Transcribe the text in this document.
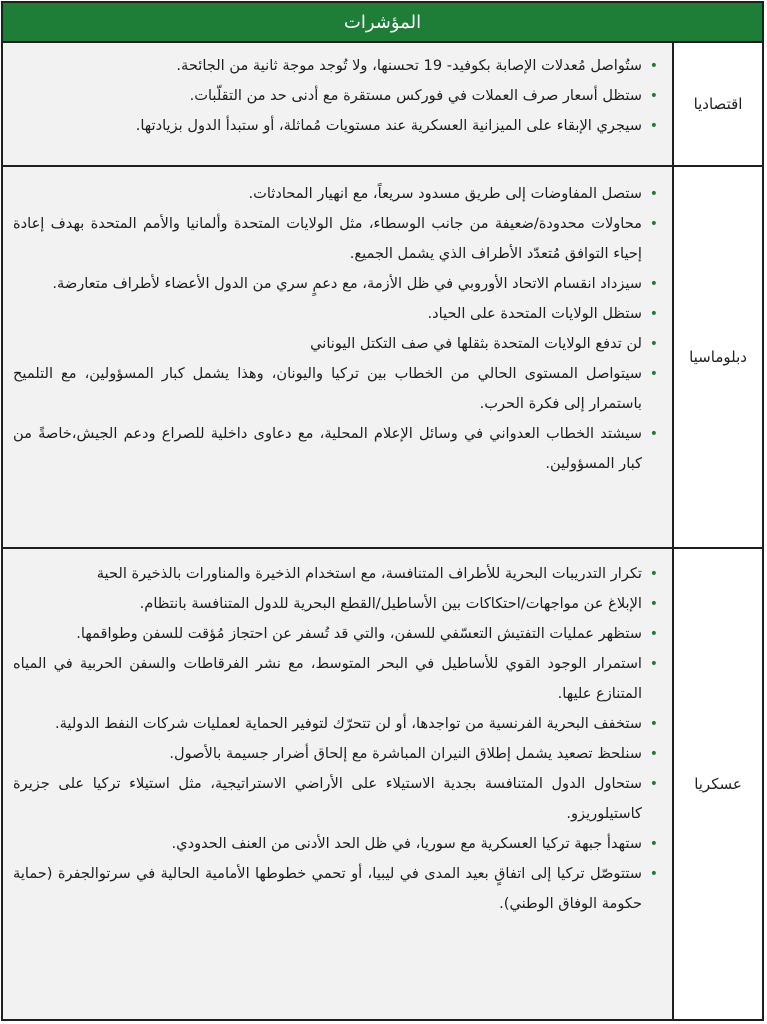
المؤشرات
اقتصاديا
• ستُواصل مُعدلات الإصابة بكوفيد- 19 تحسنها، ولا تُوجد موجة ثانية من الجائحة.
• ستظل أسعار صرف العملات في فوركس مستقرة مع أدنى حد من التقلّبات.
• سيجري الإبقاء على الميزانية العسكرية عند مستويات مُماثلة، أو ستبدأ الدول بزيادتها.
دبلوماسيا
• ستصل المفاوضات إلى طريق مسدود سريعاً، مع انهيار المحادثات.
• محاولات محدودة/ضعيفة من جانب الوسطاء، مثل الولايات المتحدة وألمانيا والأمم المتحدة بهدف إعادة إحياء التوافق مُتعدّد الأطراف الذي يشمل الجميع.
• سيزداد انقسام الاتحاد الأوروبي في ظل الأزمة، مع دعمٍ سري من الدول الأعضاء لأطراف متعارضة.
• ستظل الولايات المتحدة على الحياد.
• لن تدفع الولايات المتحدة بثقلها في صف التكتل اليوناني
• سيتواصل المستوى الحالي من الخطاب بين تركيا واليونان، وهذا يشمل كبار المسؤولين، مع التلميح باستمرار إلى فكرة الحرب.
• سيشتد الخطاب العدواني في وسائل الإعلام المحلية، مع دعاوى داخلية للصراع ودعم الجيش،خاصةً من كبار المسؤولين.
عسكريا
• تكرار التدريبات البحرية للأطراف المتنافسة، مع استخدام الذخيرة والمناورات بالذخيرة الحية
• الإبلاغ عن مواجهات/احتكاكات بين الأساطيل/القطع البحرية للدول المتنافسة بانتظام.
• ستظهر عمليات التفتيش التعسّفي للسفن، والتي قد تُسفر عن احتجاز مُؤقت للسفن وطواقمها.
• استمرار الوجود القوي للأساطيل في البحر المتوسط، مع نشر الفرقاطات والسفن الحربية في المياه المتنازع عليها.
• ستخفف البحرية الفرنسية من تواجدها، أو لن تتحرّك لتوفير الحماية لعمليات شركات النفط الدولية.
• سنلحظ تصعيد يشمل إطلاق النيران المباشرة مع إلحاق أضرار جسيمة بالأصول.
• ستحاول الدول المتنافسة بجدية الاستيلاء على الأراضي الاستراتيجية، مثل استيلاء تركيا على جزيرة كاستيلوريزو.
• ستهدأ جبهة تركيا العسكرية مع سوريا، في ظل الحد الأدنى من العنف الحدودي.
• ستتوصّل تركيا إلى اتفاقٍ بعيد المدى في ليبيا، أو تحمي خطوطها الأمامية الحالية في سرتوالجفرة (حماية حكومة الوفاق الوطني).
